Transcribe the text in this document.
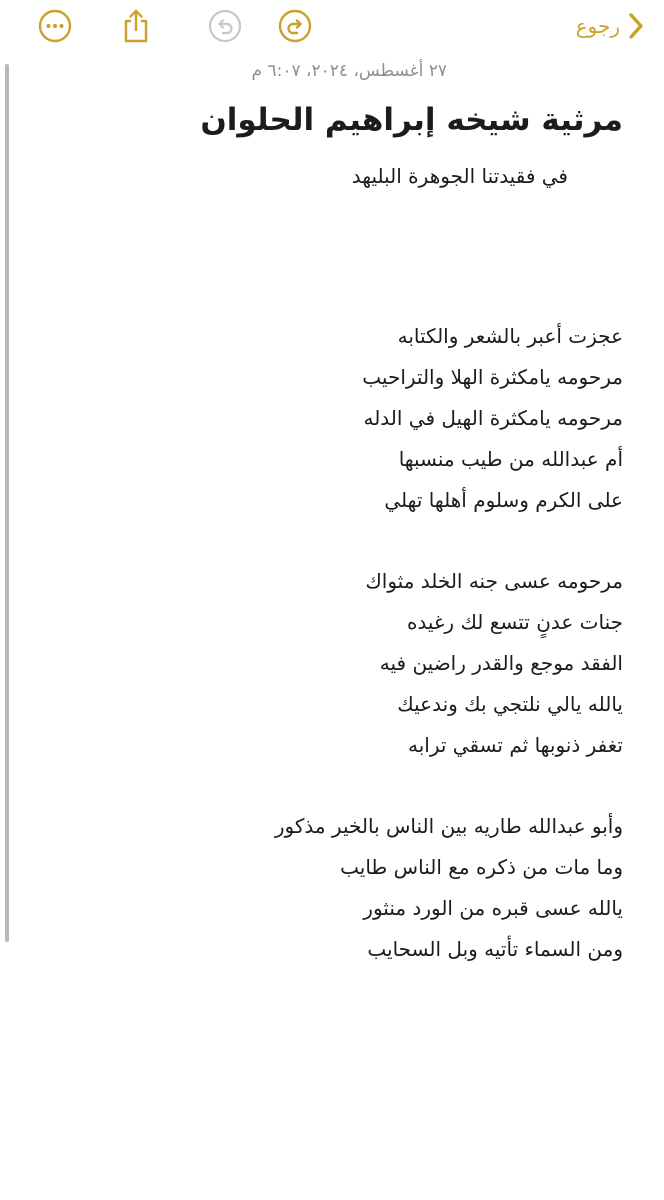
رجوع
٢٧ أغسطس، ٢٠٢٤، ٦:٠٧ م
مرثية شيخه إبراهيم الحلوان
في فقيدتنا الجوهرة البليهد
عجزت أعبر بالشعر والكتابه
مرحومه يامكثرة الهلا والتراحيب
مرحومه يامكثرة الهيل في الدله
أم عبدالله من طيب منسبها
على الكرم وسلوم أهلها تهلي
مرحومه عسى جنه الخلد مثواك
جنات عدنٍ تتسع لك رغيده
الفقد موجع والقدر راضين فيه
يالله يالي نلتجي بك وندعيك
تغفر ذنوبها ثم تسقي ترابه
وأبو عبدالله طاريه بين الناس بالخير مذكور
وما مات من ذكره مع الناس طايب
يالله عسى قبره من الورد منثور
ومن السماء تأتيه وبل السحايب
